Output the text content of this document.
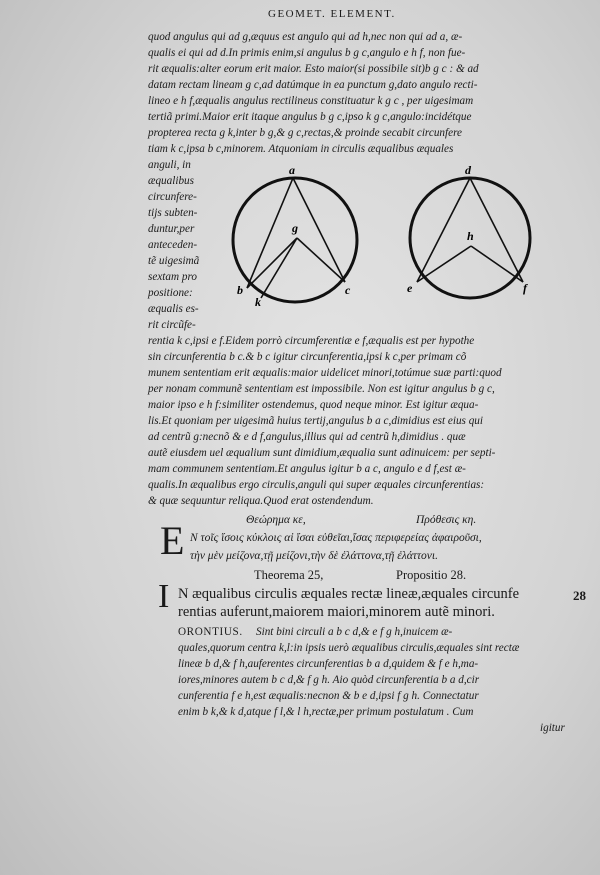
GEOMET. ELEMENT.
quod angulus qui ad g,æquus est angulo qui ad h,nec non qui ad a, æ-
qualis ei qui ad d.In primis enim,si angulus b g c,angulo e h f, non fue-
rit æqualis:alter eorum erit maior. Esto maior(si possibile sit)b g c : & ad
datam rectam lineam g c,ad datúmque in ea punctum g,dato angulo recti-
lineo e h f,æqualis angulus rectilineus constituatur k g c , per uigesimam
tertiã primi.Maior erit itaque angulus b g c,ipso k g c,angulo:incidétque
propterea recta g k,inter b g,& g c,rectas,& proinde secabit circunfere
tiam k c,ipsa b c,minorem. Atquoniam in circulis æqualibus æquales
anguli, in
æqualibus
circunfere-
tijs subten-
duntur,per
anteceden-
tẽ uigesimã
sextam pro
positione:
æqualis es-
rit circũfe-
a
g
b
k
c
d
h
e	f
rentia k c,ipsi e f.Eidem porrò circumferentiæ e f,æqualis est per hypothe
sin circunferentia b c.& b c igitur circunferentia,ipsi k c,per primam cõ
munem sententiam erit æqualis:maior uidelicet minori,totúmue suæ parti:quod
per nonam communẽ sententiam est impossibile. Non est igitur angulus b g c,
maior ipso e h f:similiter ostendemus, quod neque minor. Est igitur æqua-
lis.Et quoniam per uigesimã huius tertij,angulus b a c,dimidius est eius qui
ad centrũ g:necnõ & e d f,angulus,illius qui ad centrũ h,dimidius . quæ
autẽ eiusdem uel æqualium sunt dimidium,æqualia sunt adinuicem: per septi-
mam communem sententiam.Et angulus igitur b a c, angulo e d f,est æ-
qualis.In æqualibus ergo circulis,anguli qui super æquales circunferentias:
& quæ sequuntur reliqua.Quod erat ostendendum.
Θεώρημα κε,	Πρόθεσις κη.
E Ν τοῖς ἴσοις κύκλοις αἱ ἴσαι εὐθεῖαι,ἴσας περιφερείας ἀφαιροῦσι,
τὴν μὲν μείζονα,τῇ μείζονι,τὴν δὲ ἐλάττονα,τῇ ἐλάττονι.
Theorema 25,	Propositio 28.
28
I N æqualibus circulis æquales rectæ lineæ,æquales circunfe
rentias auferunt,maiorem maiori,minorem autẽ minori.
ORONTIUS. Sint bini circuli a b c d,& e f g h,inuicem æ-
quales,quorum centra k,l:in ipsis uerò æqualibus circulis,æquales sint rectæ
lineæ b d,& f h,auferentes circunferentias b a d,quidem & f e h,ma-
iores,minores autem b c d,& f g h. Aio quòd circunferentia b a d,cir
cunferentia f e h,est æqualis:necnon & b e d,ipsi f g h. Connectatur
enim b k,& k d,atque f l,& l h,rectæ,per primum postulatum . Cum
igitur
